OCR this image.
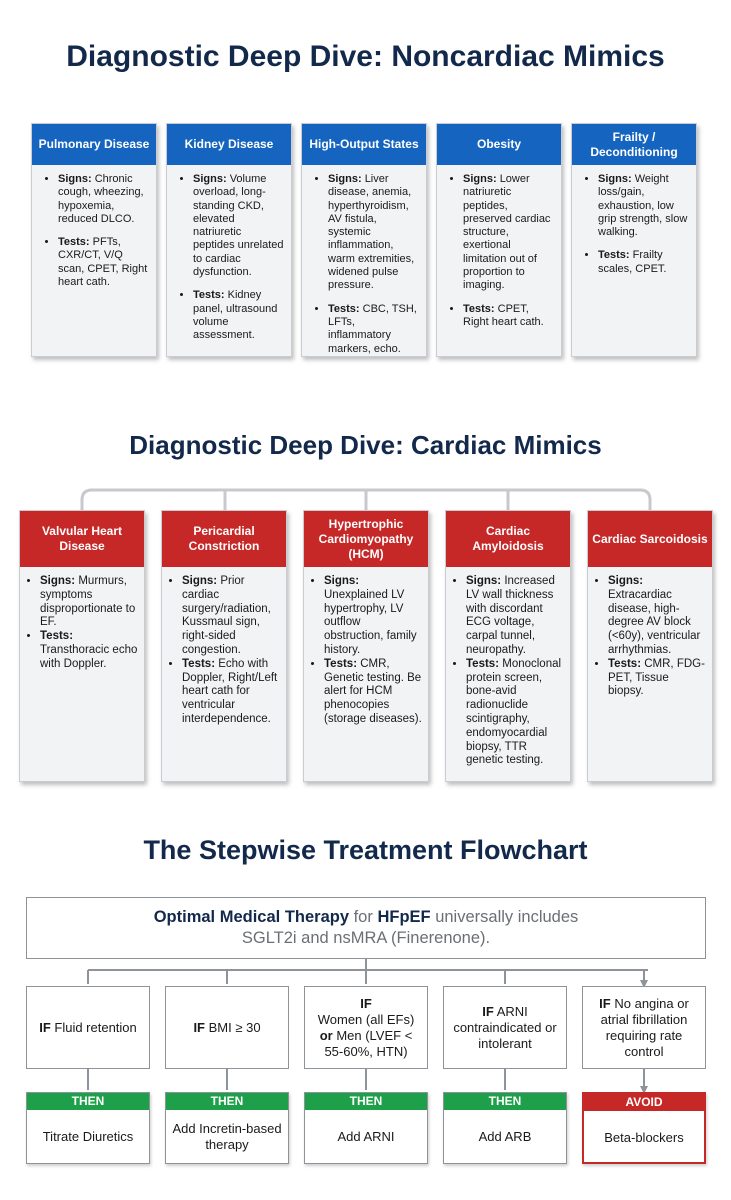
Diagnostic Deep Dive: Noncardiac Mimics
Pulmonary Disease
• Signs: Chronic cough, wheezing, hypoxemia, reduced DLCO.
• Tests: PFTs, CXR/CT, V/Q scan, CPET, Right heart cath.
Kidney Disease
• Signs: Volume overload, long-standing CKD, elevated natriuretic peptides unrelated to cardiac dysfunction.
• Tests: Kidney panel, ultrasound volume assessment.
High-Output States
• Signs: Liver disease, anemia, hyperthyroidism, AV fistula, systemic inflammation, warm extremities, widened pulse pressure.
• Tests: CBC, TSH, LFTs, inflammatory markers, echo.
Obesity
• Signs: Lower natriuretic peptides, preserved cardiac structure, exertional limitation out of proportion to imaging.
• Tests: CPET, Right heart cath.
Frailty / Deconditioning
• Signs: Weight loss/gain, exhaustion, low grip strength, slow walking.
• Tests: Frailty scales, CPET.
Diagnostic Deep Dive: Cardiac Mimics
Valvular Heart Disease
• Signs: Murmurs, symptoms disproportionate to EF.
• Tests: Transthoracic echo with Doppler.
Pericardial Constriction
• Signs: Prior cardiac surgery/radiation, Kussmaul sign, right-sided congestion.
• Tests: Echo with Doppler, Right/Left heart cath for ventricular interdependence.
Hypertrophic Cardiomyopathy (HCM)
• Signs: Unexplained LV hypertrophy, LV outflow obstruction, family history.
• Tests: CMR, Genetic testing. Be alert for HCM phenocopies (storage diseases).
Cardiac Amyloidosis
• Signs: Increased LV wall thickness with discordant ECG voltage, carpal tunnel, neuropathy.
• Tests: Monoclonal protein screen, bone-avid radionuclide scintigraphy, endomyocardial biopsy, TTR genetic testing.
Cardiac Sarcoidosis
• Signs: Extracardiac disease, high-degree AV block (<60y), ventricular arrhythmias.
• Tests: CMR, FDG-PET, Tissue biopsy.
The Stepwise Treatment Flowchart
Optimal Medical Therapy for HFpEF universally includes
SGLT2i and nsMRA (Finerenone).
IF Fluid retention	IF BMI ≥ 30
IF
Women (all EFs)
or Men (LVEF < 55-60%, HTN)
IF ARNI contraindicated or intolerant
IF No angina or atrial fibrillation requiring rate control
THEN
Titrate Diuretics
THEN
Add Incretin-based therapy
THEN
Add ARNI
THEN
Add ARB
AVOID
Beta-blockers
